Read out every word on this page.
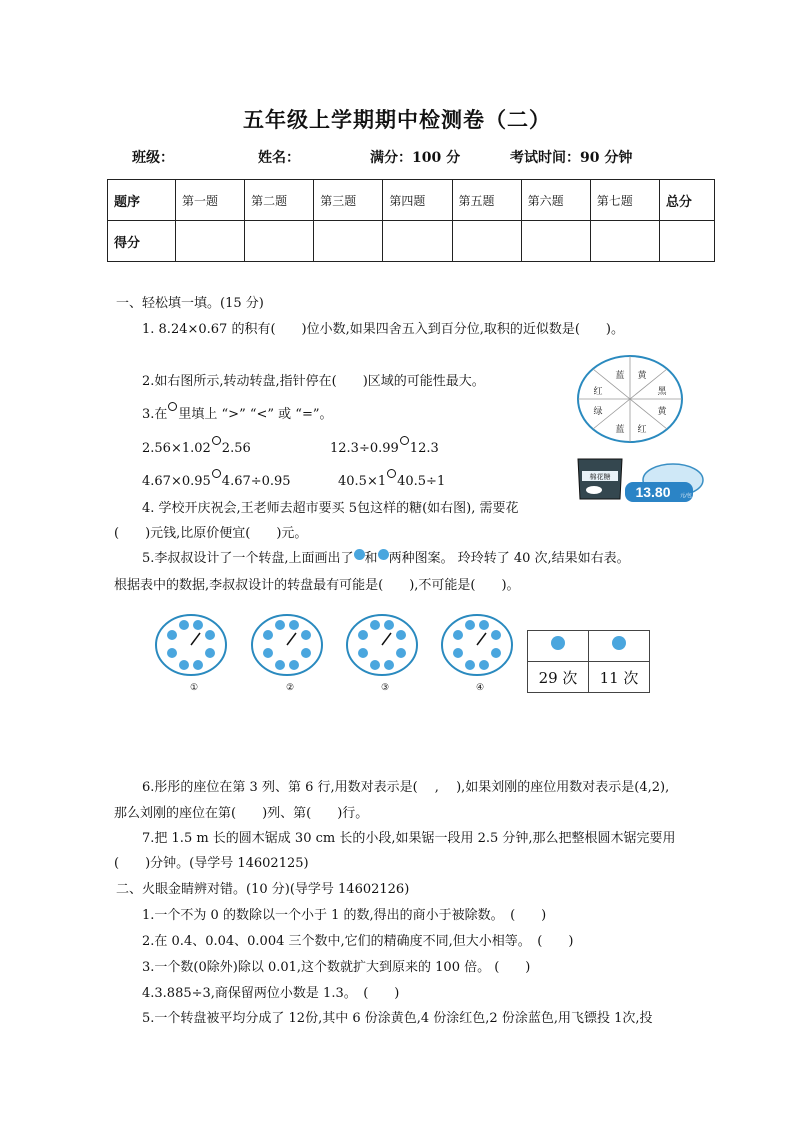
五年级上学期期中检测卷（二）
班级：	姓名：	满分：100 分	考试时间：90 分钟
题序	第一题	第二题	第三题	第四题	第五题	第六题	第七题	总分
得分								
一、轻松填一填。(15 分)
1. 8.24×0.67 的积有(　　)位小数,如果四舍五入到百分位,取积的近似数是(　　)。
2.如右图所示,转动转盘,指针停在(　　)区域的可能性最大。
3.在 里填上 “>” “<” 或 “=”。
2.56×1.02 2.56	12.3÷0.99 12.3
4.67×0.95 4.67÷0.95	40.5×1 40.5÷1
4. 学校开庆祝会,王老师去超市要买 5包这样的糖(如右图), 需要花
(　　)元钱,比原价便宜(　　)元。
5.李叔叔设计了一个转盘,上面画出了 和 两种图案。 玲玲转了 40 次,结果如右表。
根据表中的数据,李叔叔设计的转盘最有可能是(　　),不可能是(　　)。
蓝 黄
黑
黄
红
蓝
绿
红
棉花糖
13.80 元/包
①	②	③	④

29 次	11 次
6.彤彤的座位在第 3 列、第 6 行,用数对表示是(　 ,　 ),如果刘刚的座位用数对表示是(4,2),
那么刘刚的座位在第(　　)列、第(　　)行。
7.把 1.5 m 长的圆木锯成 30 cm 长的小段,如果锯一段用 2.5 分钟,那么把整根圆木锯完要用
(　　)分钟。(导学号 14602125)
二、火眼金睛辨对错。(10 分)(导学号 14602126)
1.一个不为 0 的数除以一个小于 1 的数,得出的商小于被除数。　(　　)
2.在 0.4、0.04、0.004 三个数中,它们的精确度不同,但大小相等。　(　　)
3.一个数(0除外)除以 0.01,这个数就扩大到原来的 100 倍。 (　　)
4.3.885÷3,商保留两位小数是 1.3。　(　　)
5.一个转盘被平均分成了 12份,其中 6 份涂黄色,4 份涂红色,2 份涂蓝色,用飞镖投 1次,投
